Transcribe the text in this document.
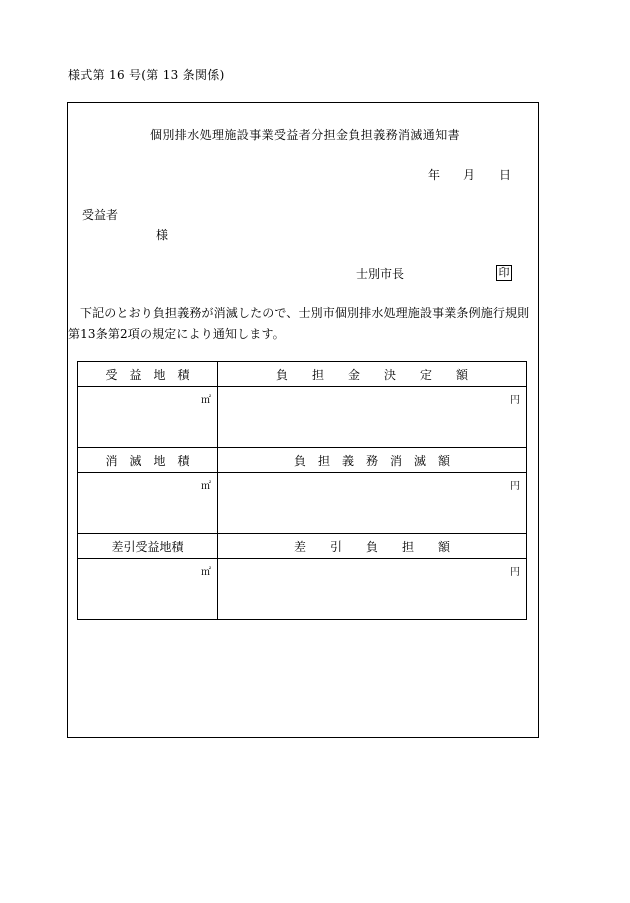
様式第 16 号(第 13 条関係)
個別排水処理施設事業受益者分担金負担義務消滅通知書
年 月 日
受益者
様
士別市長	印
下記のとおり負担義務が消滅したので、士別市個別排水処理施設事業条例施行規則
第13条第2項の規定により通知します。
受　益　地　積	負　　担　　金　　決　　定　　額
㎡	円
消　滅　地　積	負　担　義　務　消　滅　額
㎡	円
差引受益地積	差　　引　　負　　担　　額
㎡	円
